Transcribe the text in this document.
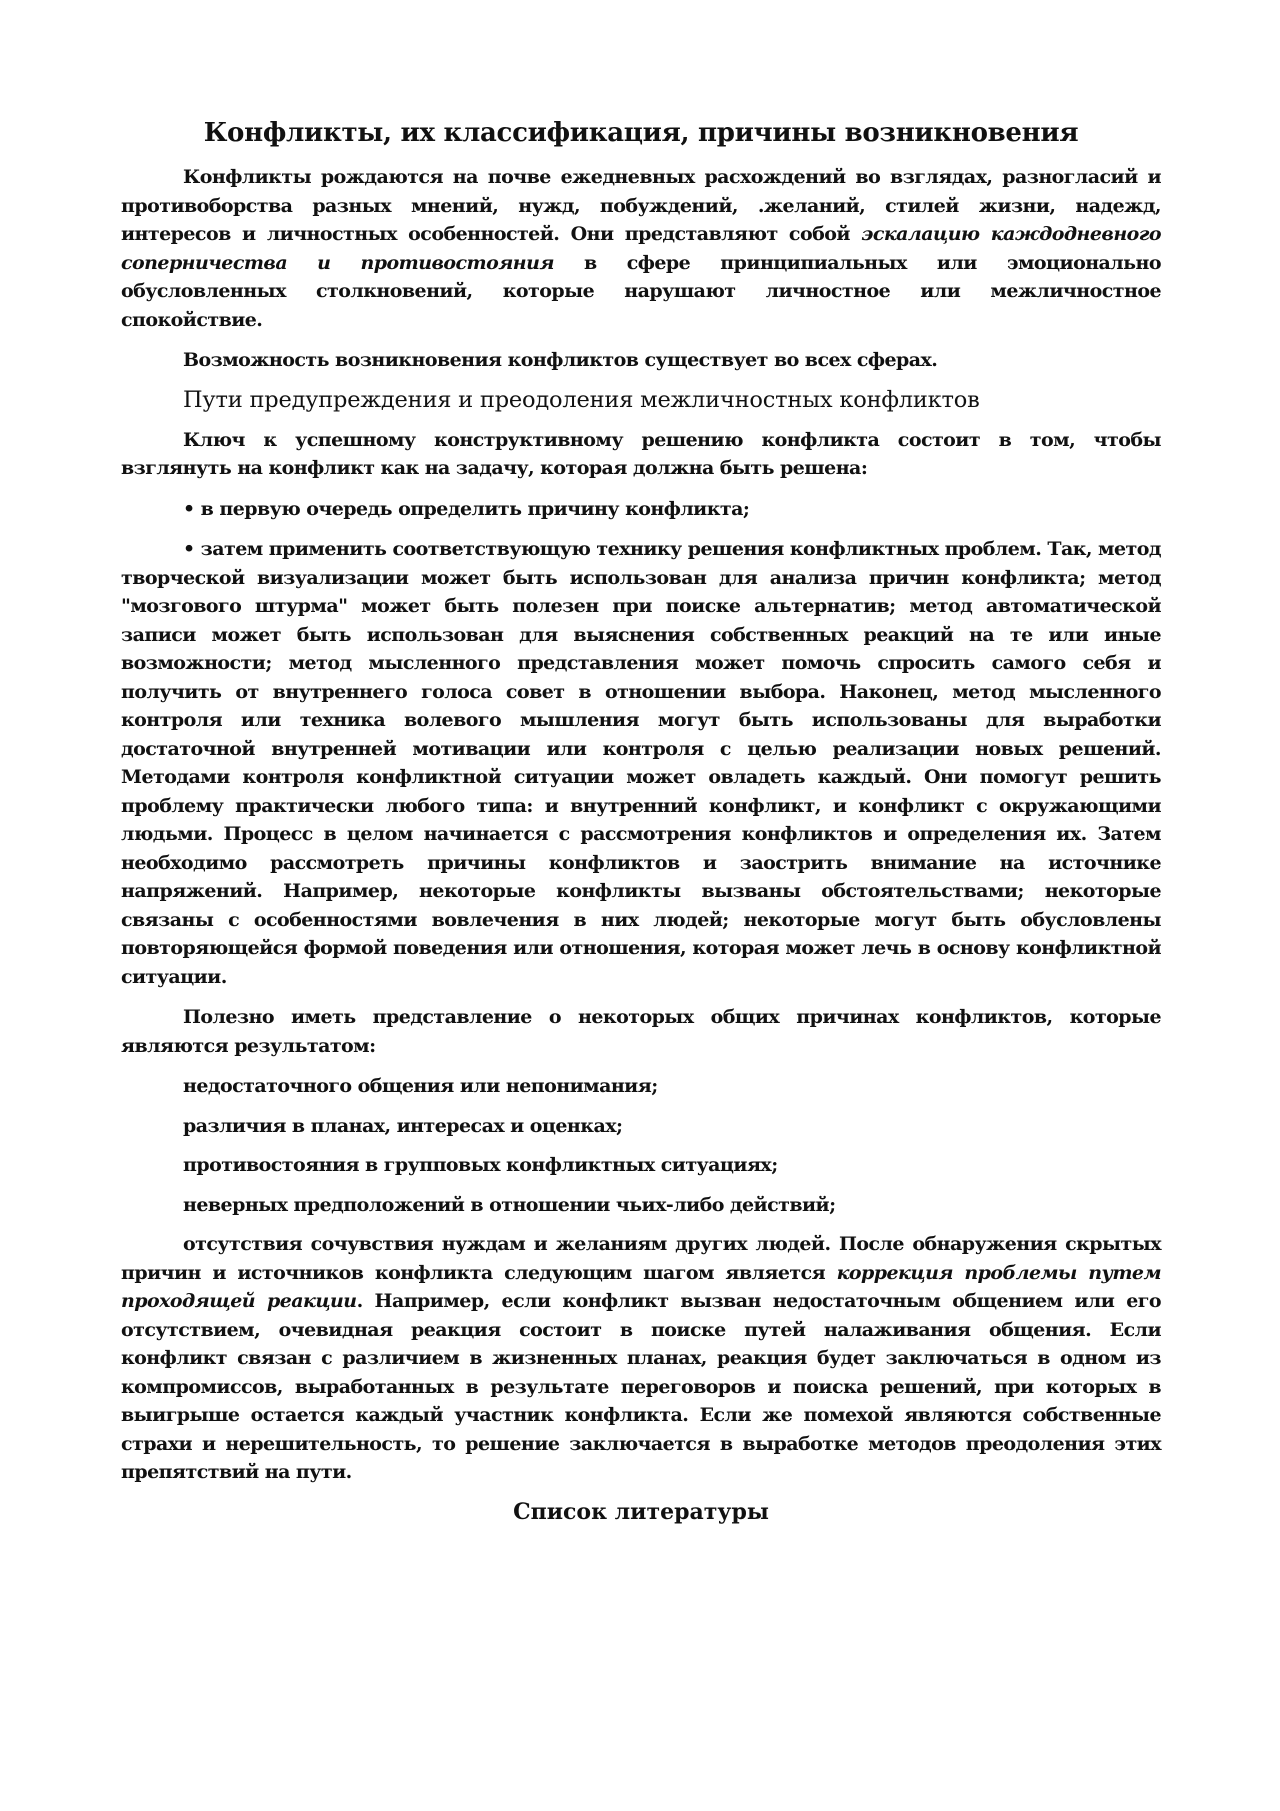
Конфликты, их классификация, причины возникновения

Конфликты рождаются на почве ежедневных расхождений во взглядах, разногласий и противоборства разных мнений, нужд, побуждений, .желаний, стилей жизни, надежд, интересов и личностных особенностей. Они представляют собой эскалацию каждодневного соперничества и противостояния в сфере принципиальных или эмоционально обусловленных столкновений, которые нарушают личностное или межличностное спокойствие.

Возможность возникновения конфликтов существует во всех сферах.

Пути предупреждения и преодоления межличностных конфликтов

Ключ к успешному конструктивному решению конфликта состоит в том, чтобы взглянуть на конфликт как на задачу, которая должна быть решена:

• в первую очередь определить причину конфликта;

• затем применить соответствующую технику решения конфликтных проблем. Так, метод творческой визуализации может быть использован для анализа причин конфликта; метод "мозгового штурма" может быть полезен при поиске альтернатив; метод автоматической записи может быть использован для выяснения собственных реакций на те или иные возможности; метод мысленного представления может помочь спросить самого себя и получить от внутреннего голоса совет в отношении выбора. Наконец, метод мысленного контроля или техника волевого мышления могут быть использованы для выработки достаточной внутренней мотивации или контроля с целью реализации новых решений. Методами контроля конфликтной ситуации может овладеть каждый. Они помогут решить проблему практически любого типа: и внутренний конфликт, и конфликт с окружающими людьми. Процесс в целом начинается с рассмотрения конфликтов и определения их. Затем необходимо рассмотреть причины конфликтов и заострить внимание на источнике напряжений. Например, некоторые конфликты вызваны обстоятельствами; некоторые связаны с особенностями вовлечения в них людей; некоторые могут быть обусловлены повторяющейся формой поведения или отношения, которая может лечь в основу конфликтной ситуации.

Полезно иметь представление о некоторых общих причинах конфликтов, которые являются результатом:

недостаточного общения или непонимания;

различия в планах, интересах и оценках;

противостояния в групповых конфликтных ситуациях;

неверных предположений в отношении чьих-либо действий;

отсутствия сочувствия нуждам и желаниям других людей. После обнаружения скрытых причин и источников конфликта следующим шагом является коррекция проблемы путем проходящей реакции. Например, если конфликт вызван недостаточным общением или его отсутствием, очевидная реакция состоит в поиске путей налаживания общения. Если конфликт связан с различием в жизненных планах, реакция будет заключаться в одном из компромиссов, выработанных в результате переговоров и поиска решений, при которых в выигрыше остается каждый участник конфликта. Если же помехой являются собственные страхи и нерешительность, то решение заключается в выработке методов преодоления этих препятствий на пути.

Список литературы
